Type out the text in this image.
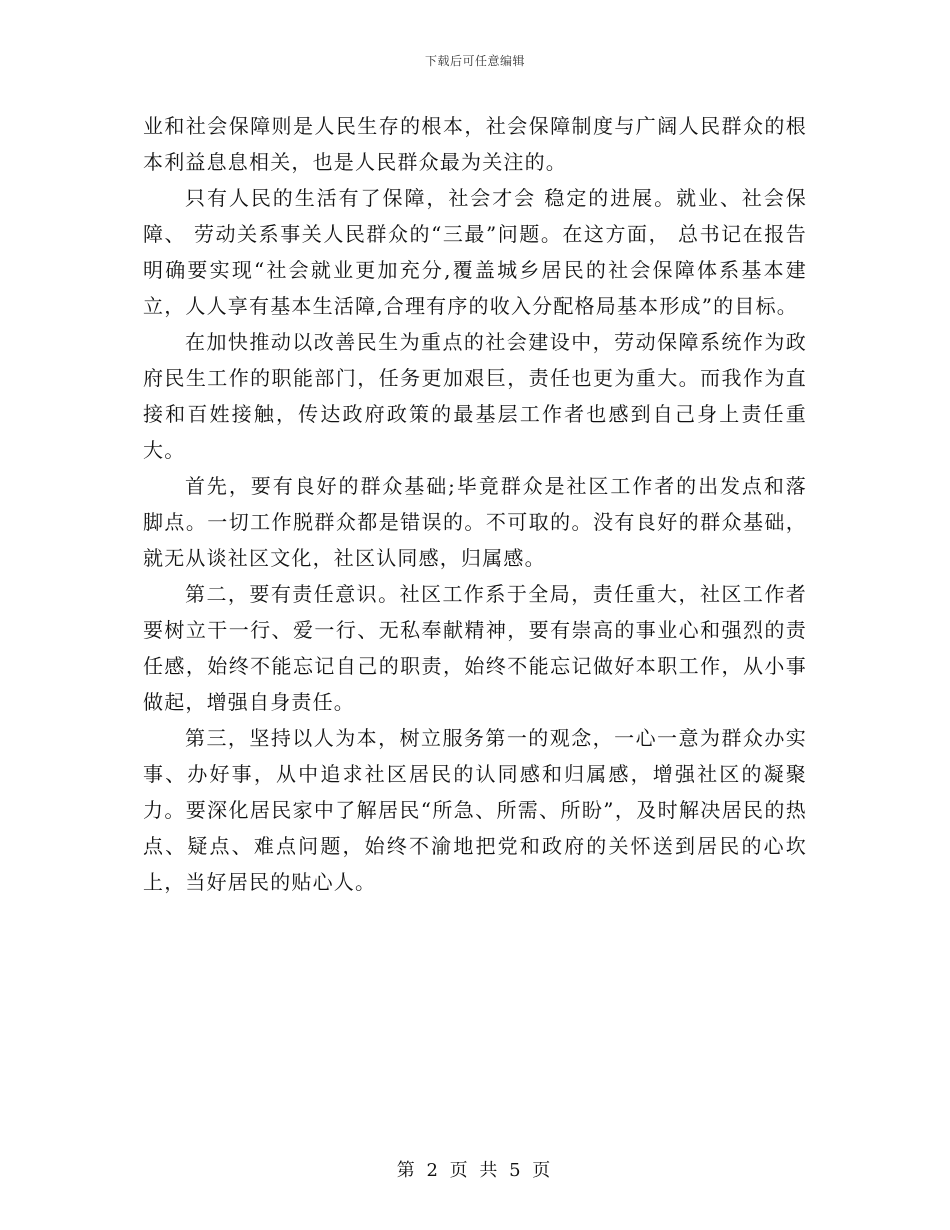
下载后可任意编辑

业和社会保障则是人民生存的根本，社会保障制度与广阔人民群众的根本利益息息相关，也是人民群众最为关注的。

只有人民的生活有了保障，社会才会 稳定的进展。就业、社会保障、 劳动关系事关人民群众的“三最”问题。在这方面， 总书记在报告明确要实现“社会就业更加充分,覆盖城乡居民的社会保障体系基本建立，人人享有基本生活障,合理有序的收入分配格局基本形成”的目标。

在加快推动以改善民生为重点的社会建设中，劳动保障系统作为政府民生工作的职能部门，任务更加艰巨，责任也更为重大。而我作为直接和百姓接触，传达政府政策的最基层工作者也感到自己身上责任重大。

首先，要有良好的群众基础;毕竟群众是社区工作者的出发点和落脚点。一切工作脱群众都是错误的。不可取的。没有良好的群众基础，就无从谈社区文化，社区认同感，归属感。

第二，要有责任意识。社区工作系于全局，责任重大，社区工作者要树立干一行、爱一行、无私奉献精神，要有崇高的事业心和强烈的责任感，始终不能忘记自己的职责，始终不能忘记做好本职工作，从小事做起，增强自身责任。

第三，坚持以人为本，树立服务第一的观念，一心一意为群众办实事、办好事，从中追求社区居民的认同感和归属感，增强社区的凝聚力。要深化居民家中了解居民“所急、所需、所盼”，及时解决居民的热点、疑点、难点问题，始终不渝地把党和政府的关怀送到居民的心坎上，当好居民的贴心人。

第 2 页 共 5 页
